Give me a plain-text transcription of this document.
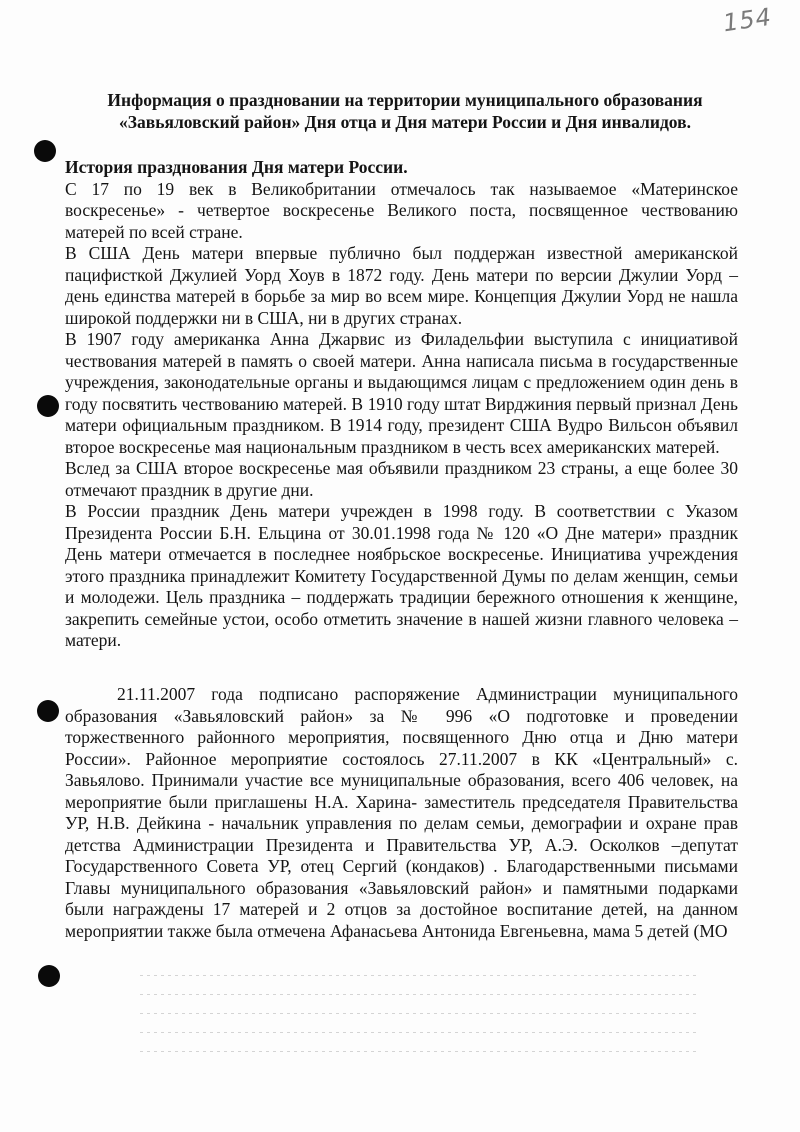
154
Информация о праздновании на территории муниципального образования
«Завьяловский район» Дня отца и Дня матери России и Дня инвалидов.

История празднования Дня матери России.

С 17 по 19 век в Великобритании отмечалось так называемое «Материнское воскресенье» - четвертое воскресенье Великого поста, посвященное чествованию матерей по всей стране.

В США День матери впервые публично был поддержан известной американской пацифисткой Джулией Уорд Хоув в 1872 году. День матери по версии Джулии Уорд – день единства матерей в борьбе за мир во всем мире. Концепция Джулии Уорд не нашла широкой поддержки ни в США, ни в других странах.

В 1907 году американка Анна Джарвис из Филадельфии выступила с инициативой чествования матерей в память о своей матери. Анна написала письма в государственные учреждения, законодательные органы и выдающимся лицам с предложением один день в году посвятить чествованию матерей. В 1910 году штат Вирджиния первый признал День матери официальным праздником. В 1914 году, президент США Вудро Вильсон объявил второе воскресенье мая национальным праздником в честь всех американских матерей.

Вслед за США второе воскресенье мая объявили праздником 23 страны, а еще более 30 отмечают праздник в другие дни.

В России праздник День матери учрежден в 1998 году. В соответствии с Указом Президента России Б.Н. Ельцина от 30.01.1998 года № 120 «О Дне матери» праздник День матери отмечается в последнее ноябрьское воскресенье. Инициатива учреждения этого праздника принадлежит Комитету Государственной Думы по делам женщин, семьи и молодежи. Цель праздника – поддержать традиции бережного отношения к женщине, закрепить семейные устои, особо отметить значение в нашей жизни главного человека – матери.

21.11.2007 года подписано распоряжение Администрации муниципального образования «Завьяловский район» за № 996 «О подготовке и проведении торжественного районного мероприятия, посвященного Дню отца и Дню матери России». Районное мероприятие состоялось 27.11.2007 в КК «Центральный» с. Завьялово. Принимали участие все муниципальные образования, всего 406 человек, на мероприятие были приглашены Н.А. Харина- заместитель председателя Правительства УР, Н.В. Дейкина - начальник управления по делам семьи, демографии и охране прав детства Администрации Президента и Правительства УР, А.Э. Осколков –депутат Государственного Совета УР, отец Сергий (кондаков) . Благодарственными письмами Главы муниципального образования «Завьяловский район» и памятными подарками были награждены 17 матерей и 2 отцов за достойное воспитание детей, на данном мероприятии также была отмечена Афанасьева Антонида Евгеньевна, мама 5 детей (МО
